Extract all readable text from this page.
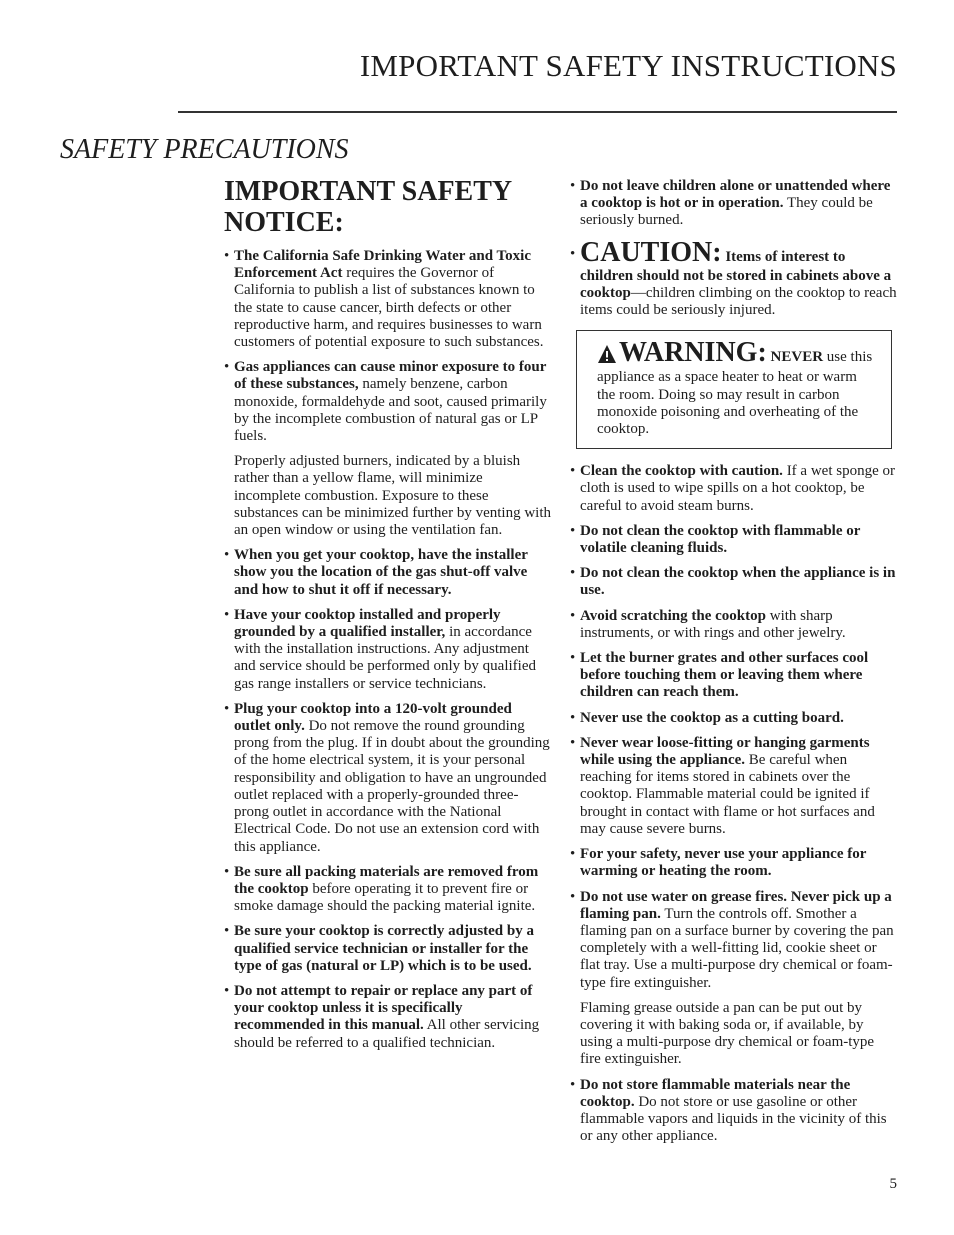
IMPORTANT SAFETY INSTRUCTIONS
SAFETY PRECAUTIONS
IMPORTANT SAFETY NOTICE:
• The California Safe Drinking Water and Toxic Enforcement Act requires the Governor of California to publish a list of substances known to the state to cause cancer, birth defects or other reproductive harm, and requires businesses to warn customers of potential exposure to such substances.
• Gas appliances can cause minor exposure to four of these substances, namely benzene, carbon monoxide, formaldehyde and soot, caused primarily by the incomplete combustion of natural gas or LP fuels.
Properly adjusted burners, indicated by a bluish rather than a yellow flame, will minimize incomplete combustion. Exposure to these substances can be minimized further by venting with an open window or using the ventilation fan.
• When you get your cooktop, have the installer show you the location of the gas shut-off valve and how to shut it off if necessary.
• Have your cooktop installed and properly grounded by a qualified installer, in accordance with the installation instructions. Any adjustment and service should be performed only by qualified gas range installers or service technicians.
• Plug your cooktop into a 120-volt grounded outlet only. Do not remove the round grounding prong from the plug. If in doubt about the grounding of the home electrical system, it is your personal responsibility and obligation to have an ungrounded outlet replaced with a properly-grounded three-prong outlet in accordance with the National Electrical Code. Do not use an extension cord with this appliance.
• Be sure all packing materials are removed from the cooktop before operating it to prevent fire or smoke damage should the packing material ignite.
• Be sure your cooktop is correctly adjusted by a qualified service technician or installer for the type of gas (natural or LP) which is to be used.
• Do not attempt to repair or replace any part of your cooktop unless it is specifically recommended in this manual. All other servicing should be referred to a qualified technician.
• Do not leave children alone or unattended where a cooktop is hot or in operation. They could be seriously burned.
• CAUTION: Items of interest to children should not be stored in cabinets above a cooktop—children climbing on the cooktop to reach items could be seriously injured.
WARNING: NEVER use this appliance as a space heater to heat or warm the room. Doing so may result in carbon monoxide poisoning and overheating of the cooktop.
• Clean the cooktop with caution. If a wet sponge or cloth is used to wipe spills on a hot cooktop, be careful to avoid steam burns.
• Do not clean the cooktop with flammable or volatile cleaning fluids.
• Do not clean the cooktop when the appliance is in use.
• Avoid scratching the cooktop with sharp instruments, or with rings and other jewelry.
• Let the burner grates and other surfaces cool before touching them or leaving them where children can reach them.
• Never use the cooktop as a cutting board.
• Never wear loose-fitting or hanging garments while using the appliance. Be careful when reaching for items stored in cabinets over the cooktop. Flammable material could be ignited if brought in contact with flame or hot surfaces and may cause severe burns.
• For your safety, never use your appliance for warming or heating the room.
• Do not use water on grease fires. Never pick up a flaming pan. Turn the controls off. Smother a flaming pan on a surface burner by covering the pan completely with a well-fitting lid, cookie sheet or flat tray. Use a multi-purpose dry chemical or foam-type fire extinguisher.
Flaming grease outside a pan can be put out by covering it with baking soda or, if available, by using a multi-purpose dry chemical or foam-type fire extinguisher.
• Do not store flammable materials near the cooktop. Do not store or use gasoline or other flammable vapors and liquids in the vicinity of this or any other appliance.
5
